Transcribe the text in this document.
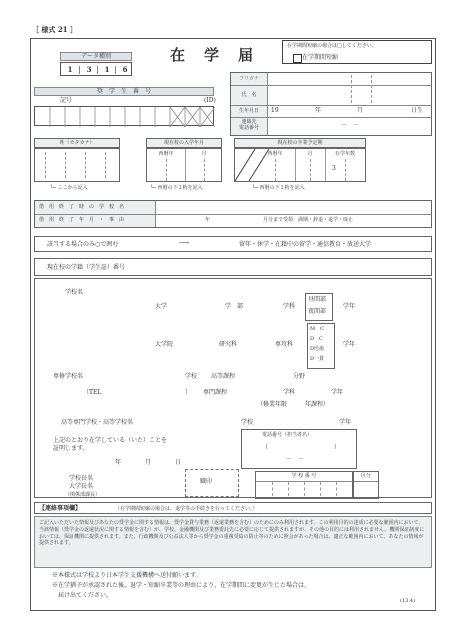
［ 様式 21 ］
在　学　届	在学期間短縮の場合は□してください。
在学期間短縮
データ種別
1	3	1	6
奨　学　生　番　号
記号	(ID)
フリガナ
氏　名
生年月日	19	年	月	日生
連絡先
電話番号	－　－
姓（カタカナ）
└─ ここから記入
現在校の入学年月
西暦年	月
└─ 西暦の下２桁を記入
現在校の卒業予定期
西暦年	月	在学年数
3
└─ 西暦の下２桁を記入
借　用　終　了　時　の　学　校　名
借　用　終　了　年　月　・　事　由	年	月分まで受領　満期・辞退・退学・廃止
該当する場合のみ○で囲む	⟶	留年・休学・在籍中の留学・通信教育・放送大学
現在校の学籍（学生証）番号
学校名
大学	学　部	学科
昼間部
夜間部
学年
大学院	研究科	専攻科
M　C
D　C
D医歯
D一貫
学年
専修学校名	学校 高等課程	分野
（TEL	） 専門課程	学科	学年
（修業年限　　　年課程）
高等専門学校・高等学校名	学校	学年
上記のとおり在学している（いた）ことを
証明します。
年	月	日
電話番号（担当者名）
（	）
－　－
学校長名
大学長名
（関係部課長）
職印
学 校 番 号	区分
【連絡事項欄】	（在学期間短縮の場合は、退学等の手続きを行ってください。）
ご記入いただいた情報及びあなたの奨学金に関する情報は、奨学金貸与業務（返還業務を含む）のためにのみ利用されます。この利用目的の達成に必要な範囲内において、当該情報（奨学金の返還状況に関する情報を含む）が、学校、金融機関及び業務委託先に必要に応じて提供されますが、その他の目的には利用されません。機関保証制度においては、保証機関に提供されます。また、行政機関及び公益法人等から奨学金の重複受給の防止等のために照会があった場合は、適正な範囲内において、あなたの情報が提供されます。
※本様式は学校より日本学生支援機構へ送付願います。
※在学猶予が承認された後、退学・短縮卒業等の理由により、在学期間に変更が生じた場合は、
　届け出てください。
(13.4)
